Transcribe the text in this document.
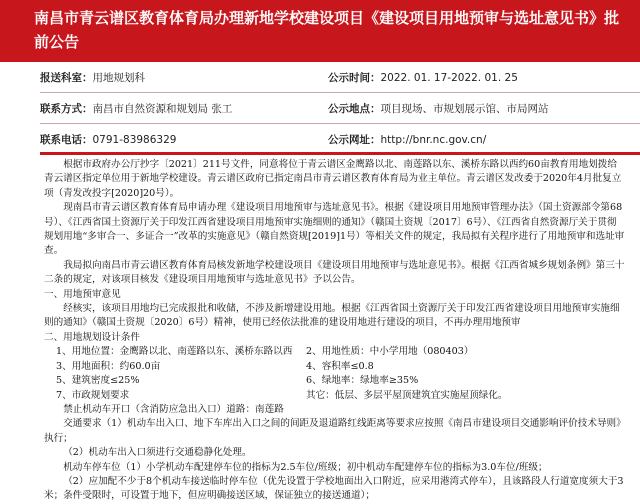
南昌市青云谱区教育体育局办理新地学校建设项目《建设项目用地预审与选址意见书》批前公告
报送科室：用地规划科	公示时间：2022. 01. 17-2022. 01. 25
联系方式：南昌市自然资源和规划局 张工	公示地点：项目现场、市规划展示馆、市局网站
联系电话：0791-83986329	公示网址：http://bnr.nc.gov.cn/

根据市政府办公厅抄字〔2021〕211号文件，同意将位于青云谱区金鹰路以北、南莲路以东、溪桥东路以西约60亩教育用地划拨给青云谱区指定单位用于新地学校建设。青云谱区政府已指定南昌市青云谱区教育体育局为业主单位。青云谱区发改委于2020年4月批复立项（青发改投字[2020]20号）。

现南昌市青云谱区教育体育局申请办理《建设项目用地预审与选址意见书》。根据《建设项目用地预审管理办法》（国土资源部令第68号）、《江西省国土资源厅关于印发江西省建设项目用地预审实施细则的通知》（赣国土资规〔2017〕6号）、《江西省自然资源厅关于贯彻规划用地“多审合一、多证合一”改革的实施意见》（赣自然资规[2019]1号）等相关文件的规定，我局拟有关程序进行了用地预审和选址审查。

我局拟向南昌市青云谱区教育体育局核发新地学校建设项目《建设项目用地预审与选址意见书》。根据《江西省城乡规划条例》第三十二条的规定，对该项目核发《建设项目用地预审与选址意见书》予以公告。

一、用地预审意见

经核实，该项目用地均已完成报批和收储，不涉及新增建设用地。根据《江西省国土资源厅关于印发江西省建设项目用地预审实施细则的通知》（赣国土资规〔2020〕6号）精神，使用已经依法批准的建设用地进行建设的项目，不再办理用地预审

二、用地规划设计条件

1、用地位置：金鹰路以北、南莲路以东、溪桥东路以西	2、用地性质：中小学用地（080403）
3、用地面积：约60.0亩	4、容积率≤0.8
5、建筑密度≤25%	6、绿地率：绿地率≥35%
7、市政规划要求	其它：低层、多层平屋顶建筑宜实施屋顶绿化。

禁止机动车开口（含消防应急出入口）道路：南莲路

交通要求（1）机动车出入口、地下车库出入口之间的间距及退道路红线距离等要求应按照《南昌市建设项目交通影响评价技术导则》执行；

（2）机动车出入口须进行交通稳静化处理。

机动车停车位（1）小学机动车配建停车位的指标为2.5车位/班级；初中机动车配建停车位的指标为3.0车位/班级；

（2）应加配不少于8个机动车接送临时停车位（优先设置于学校地面出入口附近，应采用港湾式停车），且该路段人行道宽度须大于3米；条件受限时，可设置于地下，但应明确接送区域，保证独立的接送通道）；
